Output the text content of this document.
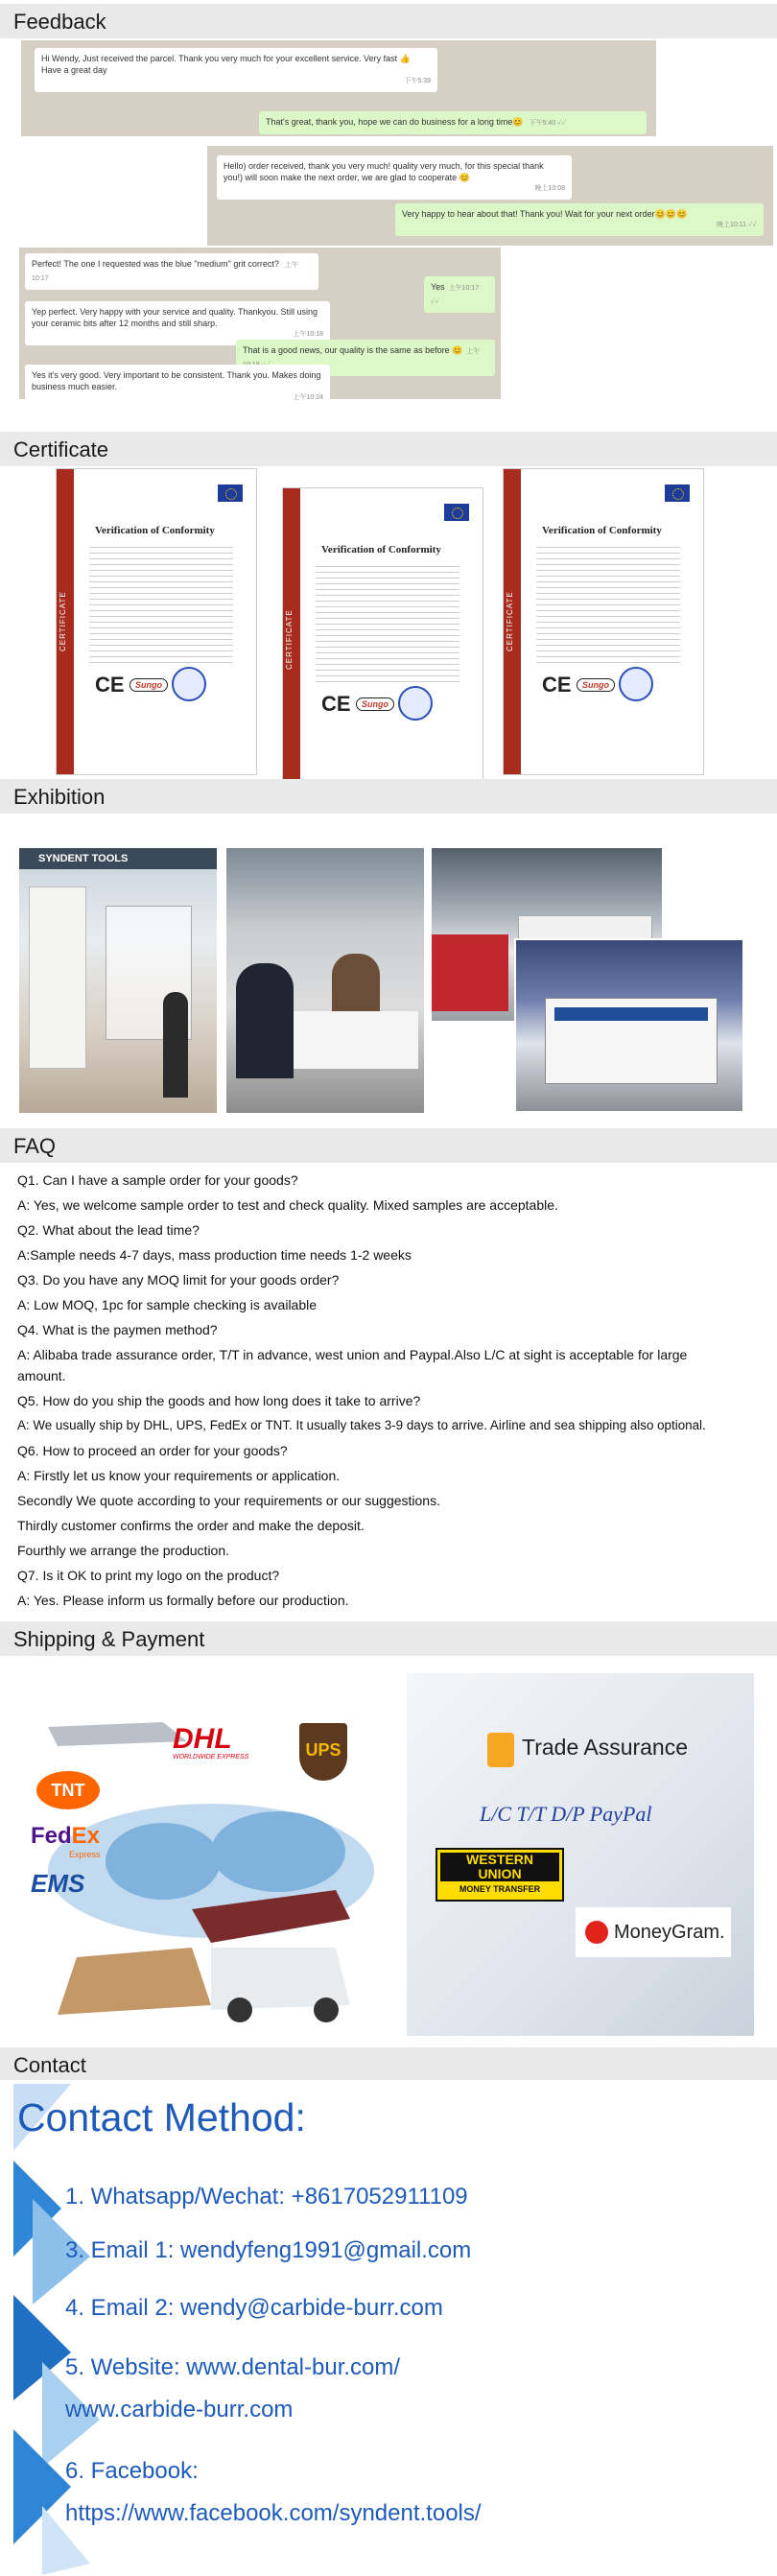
Feedback
Hi Wendy, Just received the parcel. Thank you very much for your excellent service. Very fast 👍
Have a great day
下午5:39
That's great, thank you, hope we can do business for a long time😊 下午5:40 ✓✓
Hello) order received, thank you very much! quality very much, for this special thank you!) will soon make the next order, we are glad to cooperate 😊
晚上10:08
Very happy to hear about that! Thank you! Wait for your next order😊😊😊
晚上10:11 ✓✓
Perfect! The one I requested was the blue "medium" grit correct? 上午10:17
Yes 上午10:17 ✓✓
Yep perfect. Very happy with your service and quality. Thankyou. Still using your ceramic bits after 12 months and still sharp.
上午10:18
That is a good news, our quality is the same as before 😊 上午
Yes it's very good. Very important to be consistent. Thank you. Makes doing business much easier.
上午10:24
Certificate
CERTIFICATE
Verification of Conformity
CE	Sungo
CERTIFICATE
Verification of Conformity
CE	Sungo
CERTIFICATE
Verification of Conformity
CE	Sungo
Exhibition
SYNDENT TOOLS
FAQ
Q1. Can I have a sample order for your goods?
A: Yes, we welcome sample order to test and check quality. Mixed samples are acceptable.
Q2. What about the lead time?
A:Sample needs 4-7 days, mass production time needs 1-2 weeks
Q3. Do you have any MOQ limit for your goods order?
A: Low MOQ, 1pc for sample checking is available
Q4. What is the paymen method?
A: Alibaba trade assurance order, T/T in advance, west union and Paypal.Also L/C at sight is acceptable for large
amount.
Q5. How do you ship the goods and how long does it take to arrive?
A: We usually ship by DHL, UPS, FedEx or TNT. It usually takes 3-9 days to arrive. Airline and sea shipping also optional.
Q6. How to proceed an order for your goods?
A: Firstly let us know your requirements or application.
Secondly We quote according to your requirements or our suggestions.
Thirdly customer confirms the order and make the deposit.
Fourthly we arrange the production.
Q7. Is it OK to print my logo on the product?
A: Yes. Please inform us formally before our production.
Shipping & Payment
DHL
WORLDWIDE EXPRESS	UPS
TNT
FedEx
Express
EMS
Trade Assurance
L/C T/T D/P PayPal
WESTERN
UNION
MONEY TRANSFER
MoneyGram.
Contact
Contact Method:
1. Whatsapp/Wechat: +8617052911109
3. Email 1: wendyfeng1991@gmail.com
4. Email 2: wendy@carbide-burr.com
5. Website: www.dental-bur.com/
www.carbide-burr.com
6. Facebook:
https://www.facebook.com/syndent.tools/
